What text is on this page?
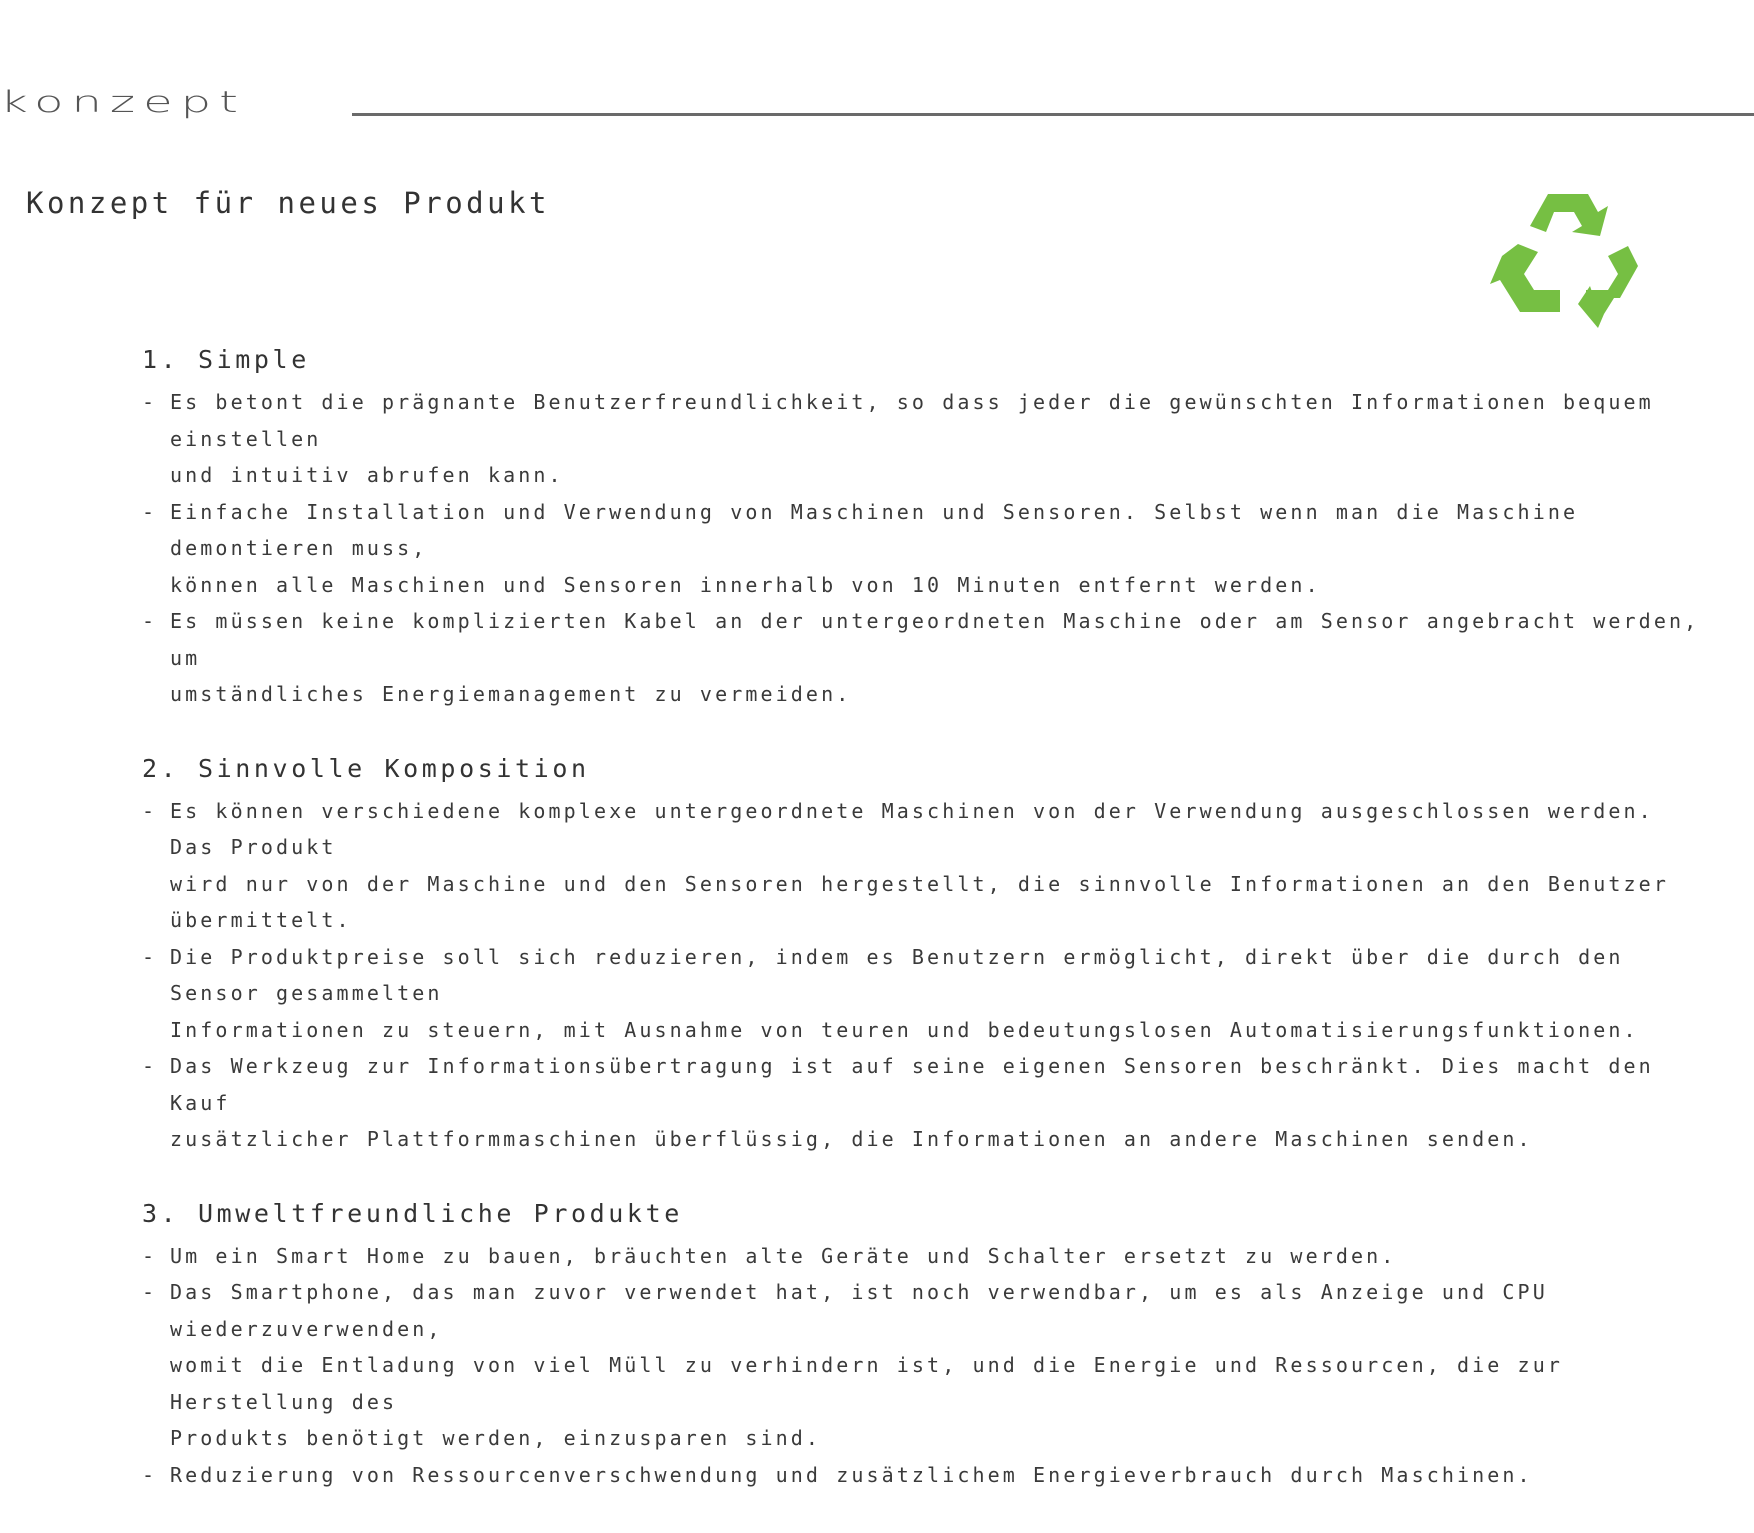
konzept
Konzept für neues Produkt
1. Simple
- Es betont die prägnante Benutzerfreundlichkeit, so dass jeder die gewünschten Informationen bequem einstellen
und intuitiv abrufen kann.
- Einfache Installation und Verwendung von Maschinen und Sensoren. Selbst wenn man die Maschine demontieren muss,
können alle Maschinen und Sensoren innerhalb von 10 Minuten entfernt werden.
- Es müssen keine komplizierten Kabel an der untergeordneten Maschine oder am Sensor angebracht werden, um
umständliches Energiemanagement zu vermeiden.
2. Sinnvolle Komposition
- Es können verschiedene komplexe untergeordnete Maschinen von der Verwendung ausgeschlossen werden. Das Produkt
wird nur von der Maschine und den Sensoren hergestellt, die sinnvolle Informationen an den Benutzer übermittelt.
- Die Produktpreise soll sich reduzieren, indem es Benutzern ermöglicht, direkt über die durch den Sensor gesammelten
Informationen zu steuern, mit Ausnahme von teuren und bedeutungslosen Automatisierungsfunktionen.
- Das Werkzeug zur Informationsübertragung ist auf seine eigenen Sensoren beschränkt. Dies macht den Kauf
zusätzlicher Plattformmaschinen überflüssig, die Informationen an andere Maschinen senden.
3. Umweltfreundliche Produkte
- Um ein Smart Home zu bauen, bräuchten alte Geräte und Schalter ersetzt zu werden.
- Das Smartphone, das man zuvor verwendet hat, ist noch verwendbar, um es als Anzeige und CPU wiederzuverwenden,
womit die Entladung von viel Müll zu verhindern ist, und die Energie und Ressourcen, die zur Herstellung des
Produkts benötigt werden, einzusparen sind.
- Reduzierung von Ressourcenverschwendung und zusätzlichem Energieverbrauch durch Maschinen.
